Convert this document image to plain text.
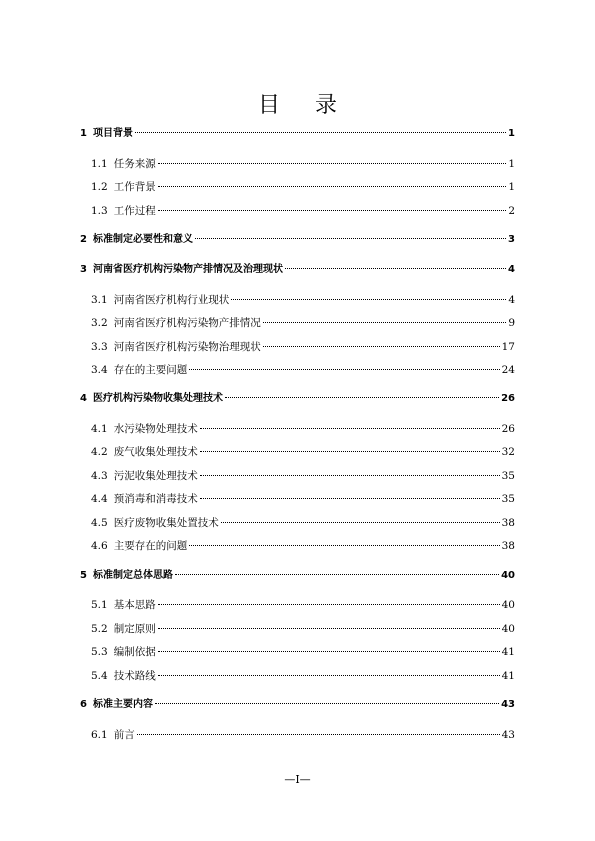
目 录
1 项目背景	1
1.1 任务来源	1
1.2 工作背景	1
1.3 工作过程	2
2 标准制定必要性和意义	3
3 河南省医疗机构污染物产排情况及治理现状	4
3.1 河南省医疗机构行业现状	4
3.2 河南省医疗机构污染物产排情况	9
3.3 河南省医疗机构污染物治理现状	17
3.4 存在的主要问题	24
4 医疗机构污染物收集处理技术	26
4.1 水污染物处理技术	26
4.2 废气收集处理技术	32
4.3 污泥收集处理技术	35
4.4 预消毒和消毒技术	35
4.5 医疗废物收集处置技术	38
4.6 主要存在的问题	38
5 标准制定总体思路	40
5.1 基本思路	40
5.2 制定原则	40
5.3 编制依据	41
5.4 技术路线	41
6 标准主要内容	43
6.1 前言	43
—I—
